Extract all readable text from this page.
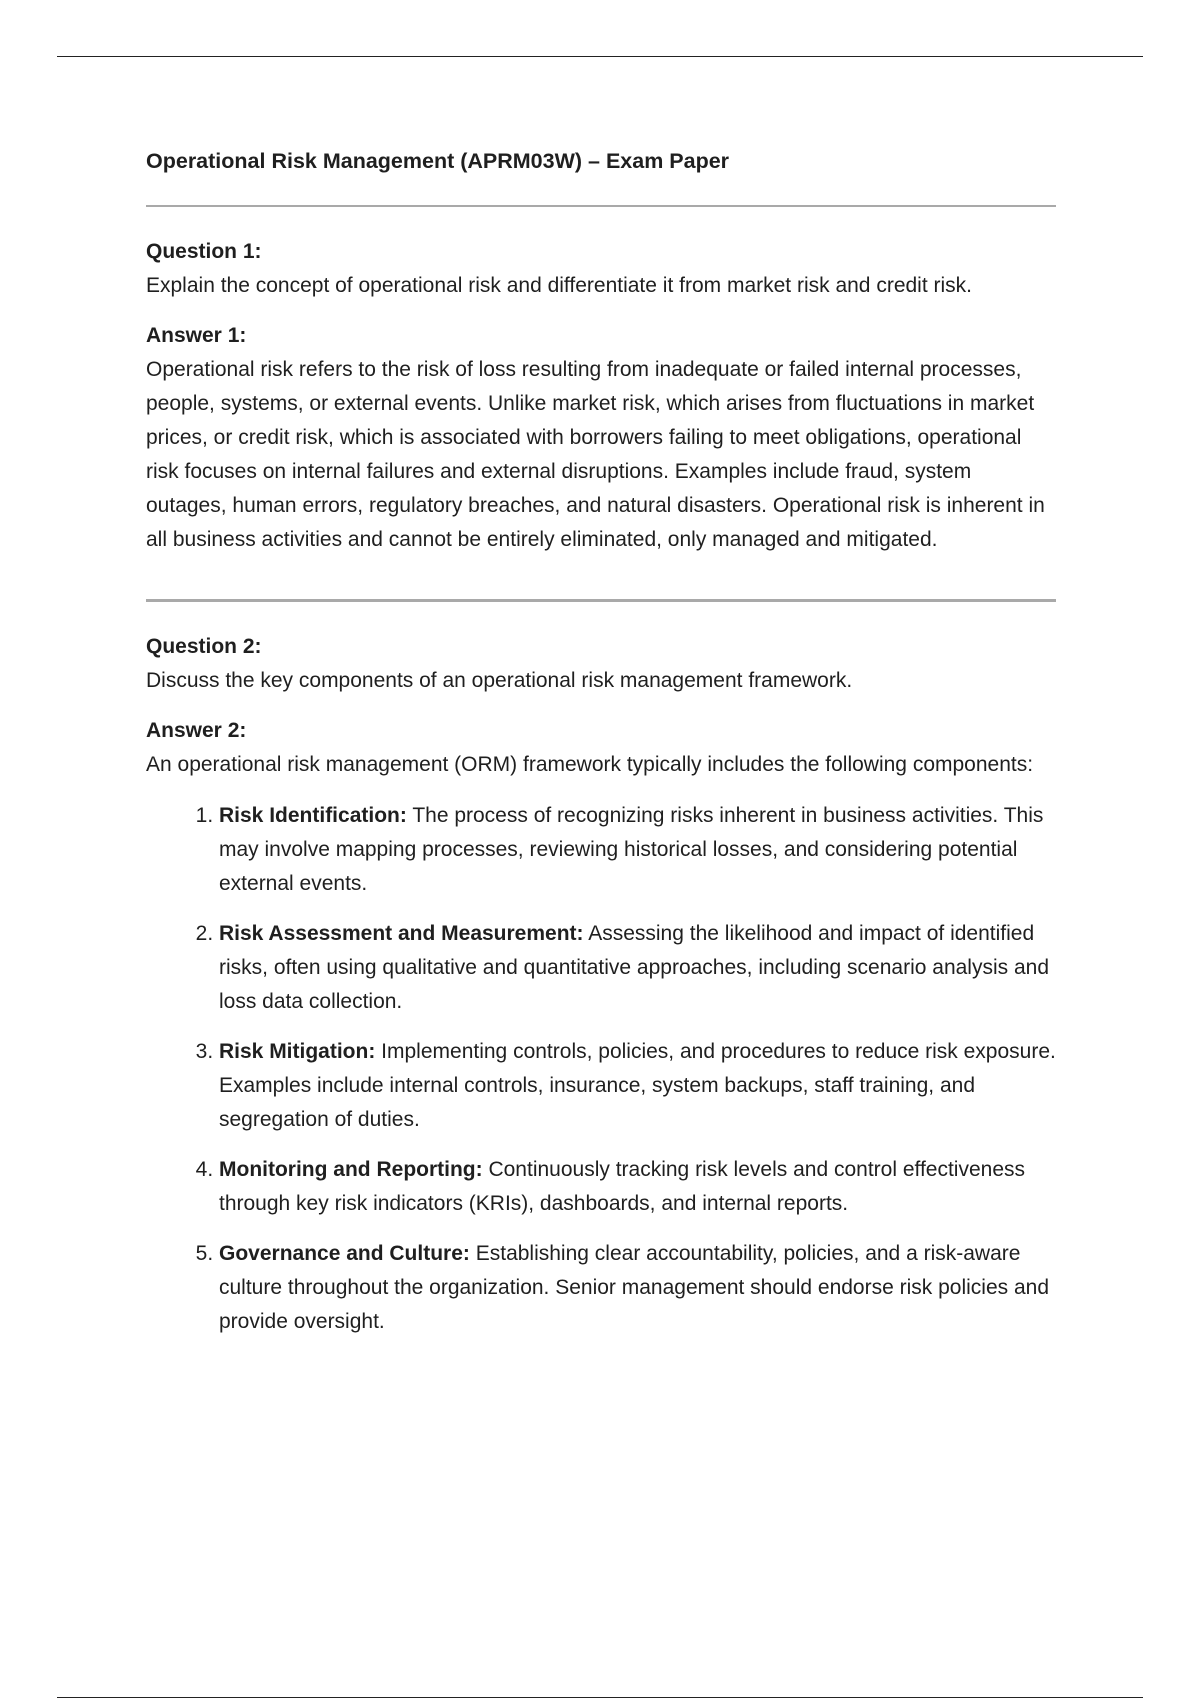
Operational Risk Management (APRM03W) – Exam Paper

Question 1:

Explain the concept of operational risk and differentiate it from market risk and credit risk.

Answer 1:

Operational risk refers to the risk of loss resulting from inadequate or failed internal processes, people, systems, or external events. Unlike market risk, which arises from fluctuations in market prices, or credit risk, which is associated with borrowers failing to meet obligations, operational risk focuses on internal failures and external disruptions. Examples include fraud, system outages, human errors, regulatory breaches, and natural disasters. Operational risk is inherent in all business activities and cannot be entirely eliminated, only managed and mitigated.

Question 2:

Discuss the key components of an operational risk management framework.

Answer 2:

An operational risk management (ORM) framework typically includes the following components:

1. Risk Identification: The process of recognizing risks inherent in business activities. This may involve mapping processes, reviewing historical losses, and considering potential external events.
2. Risk Assessment and Measurement: Assessing the likelihood and impact of identified risks, often using qualitative and quantitative approaches, including scenario analysis and loss data collection.
3. Risk Mitigation: Implementing controls, policies, and procedures to reduce risk exposure. Examples include internal controls, insurance, system backups, staff training, and segregation of duties.
4. Monitoring and Reporting: Continuously tracking risk levels and control effectiveness through key risk indicators (KRIs), dashboards, and internal reports.
5. Governance and Culture: Establishing clear accountability, policies, and a risk-aware culture throughout the organization. Senior management should endorse risk policies and provide oversight.
